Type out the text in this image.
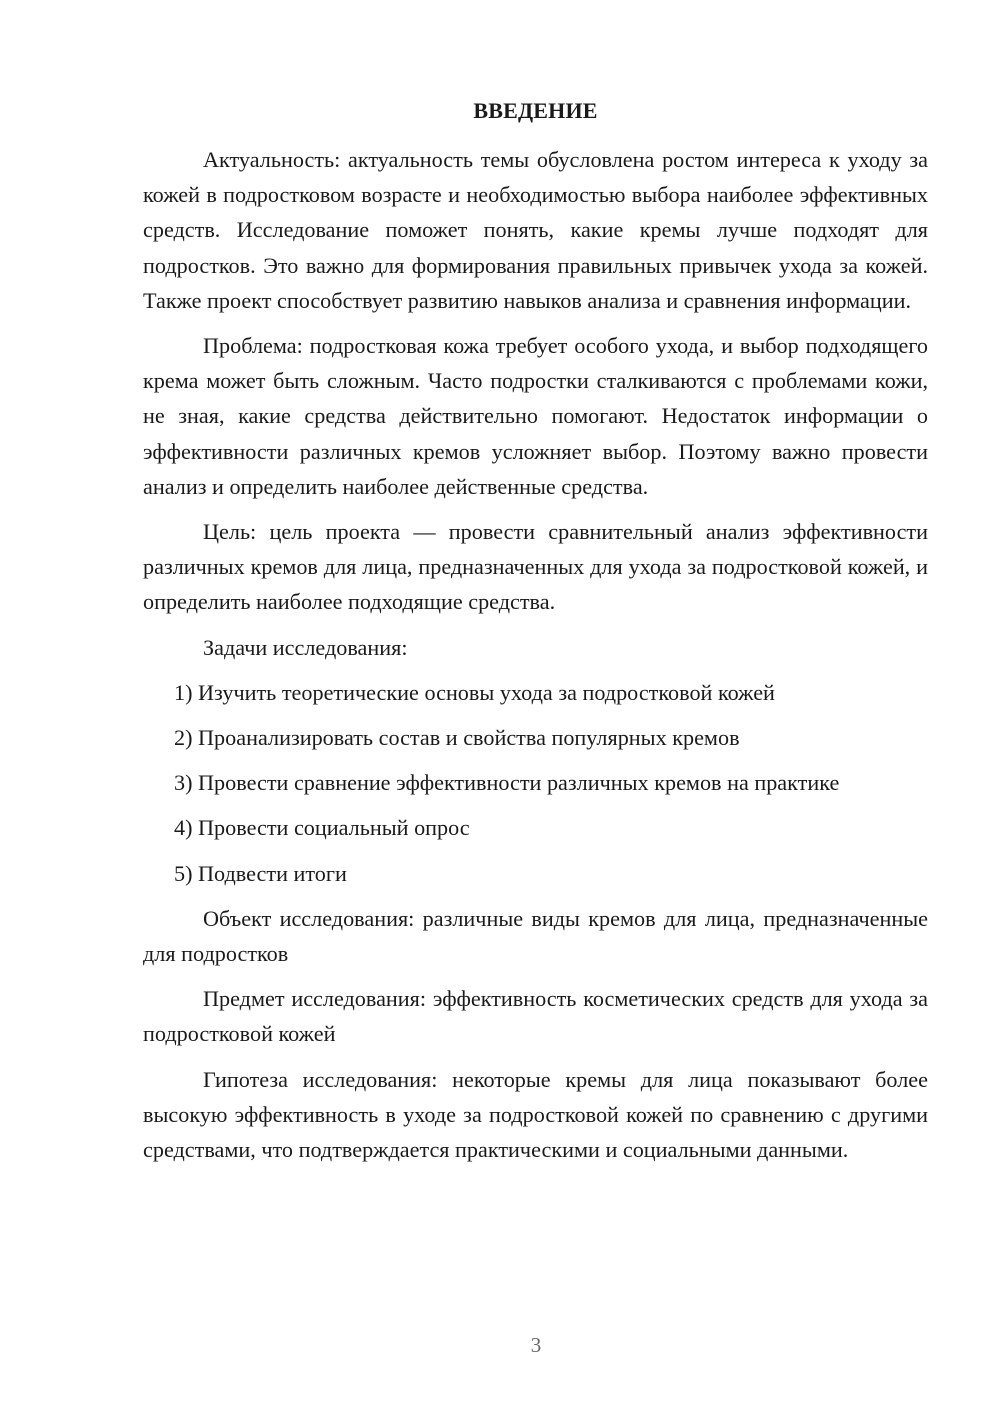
ВВЕДЕНИЕ

Актуальность: актуальность темы обусловлена ростом интереса к уходу за кожей в подростковом возрасте и необходимостью выбора наиболее эффективных средств. Исследование поможет понять, какие кремы лучше подходят для подростков. Это важно для формирования правильных привычек ухода за кожей. Также проект способствует развитию навыков анализа и сравнения информации.

Проблема: подростковая кожа требует особого ухода, и выбор подходящего крема может быть сложным. Часто подростки сталкиваются с проблемами кожи, не зная, какие средства действительно помогают. Недостаток информации о эффективности различных кремов усложняет выбор. Поэтому важно провести анализ и определить наиболее действенные средства.

Цель: цель проекта — провести сравнительный анализ эффективности различных кремов для лица, предназначенных для ухода за подростковой кожей, и определить наиболее подходящие средства.

Задачи исследования:

1) Изучить теоретические основы ухода за подростковой кожей
2) Проанализировать состав и свойства популярных кремов
3) Провести сравнение эффективности различных кремов на практике
4) Провести социальный опрос
5) Подвести итоги

Объект исследования: различные виды кремов для лица, предназначенные для подростков

Предмет исследования: эффективность косметических средств для ухода за подростковой кожей

Гипотеза исследования: некоторые кремы для лица показывают более высокую эффективность в уходе за подростковой кожей по сравнению с другими средствами, что подтверждается практическими и социальными данными.

3
